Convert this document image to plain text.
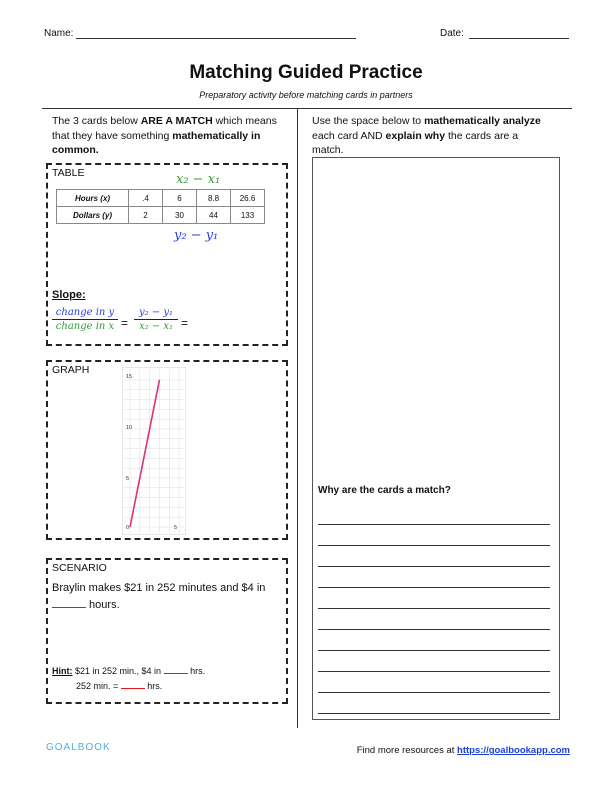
Name:	Date:
Matching Guided Practice
Preparatory activity before matching cards in partners
The 3 cards below ARE A MATCH which means that they have something mathematically in common.
Use the space below to mathematically analyze each card AND explain why the cards are a match.
TABLE	x₂ − x₁
Hours (x)	.4	6	8.8	26.6
Dollars (y)	2	30	44	133
y₂ − y₁
Slope:
change in y
change in $x = \frac{\text{y₂ − y₁}}{\text{x₂ − x₁}}$ =
GRAPH
15
10
5
0	5
SCENARIO
Braylin makes $21 in 252 minutes and $4 in
hours.
Hint: $21 in 252 min., $4 in	hrs.
252 min. =	hrs.
Why are the cards a match?
GOALBOOK	Find more resources at https://goalbookapp.com
